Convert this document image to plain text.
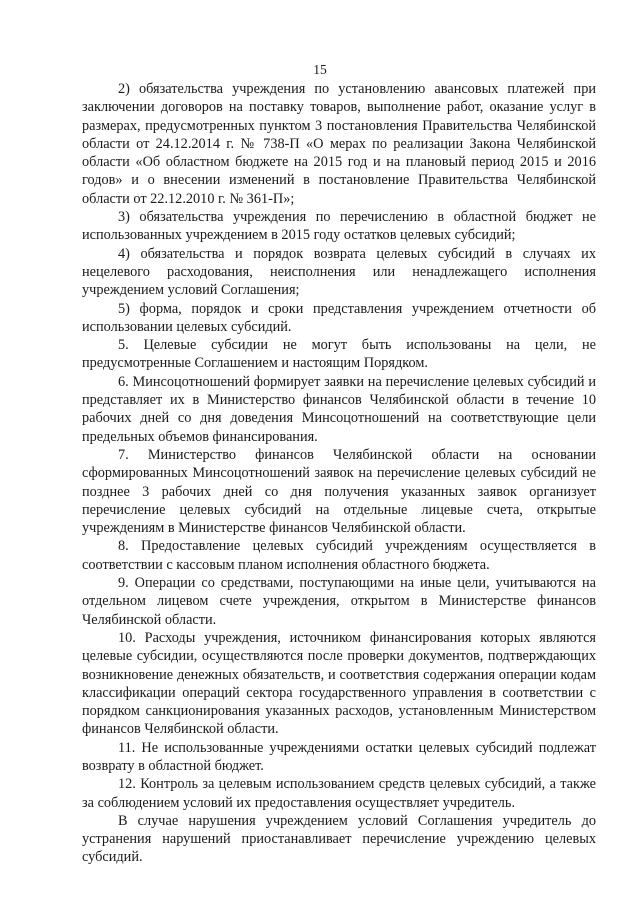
15

2) обязательства учреждения по установлению авансовых платежей при заключении договоров на поставку товаров, выполнение работ, оказание услуг в размерах, предусмотренных пунктом 3 постановления Правительства Челябинской области от 24.12.2014 г. № 738-П «О мерах по реализации Закона Челябинской области «Об областном бюджете на 2015 год и на плановый период 2015 и 2016 годов» и о внесении изменений в постановление Правительства Челябинской области от 22.12.2010 г. № 361-П»;

3) обязательства учреждения по перечислению в областной бюджет не использованных учреждением в 2015 году остатков целевых субсидий;

4) обязательства и порядок возврата целевых субсидий в случаях их нецелевого расходования, неисполнения или ненадлежащего исполнения учреждением условий Соглашения;

5) форма, порядок и сроки представления учреждением отчетности об использовании целевых субсидий.

5. Целевые субсидии не могут быть использованы на цели, не предусмотренные Соглашением и настоящим Порядком.

6. Минсоцотношений формирует заявки на перечисление целевых субсидий и представляет их в Министерство финансов Челябинской области в течение 10 рабочих дней со дня доведения Минсоцотношений на соответствующие цели предельных объемов финансирования.

7. Министерство финансов Челябинской области на основании сформированных Минсоцотношений заявок на перечисление целевых субсидий не позднее 3 рабочих дней со дня получения указанных заявок организует перечисление целевых субсидий на отдельные лицевые счета, открытые учреждениям в Министерстве финансов Челябинской области.

8. Предоставление целевых субсидий учреждениям осуществляется в соответствии с кассовым планом исполнения областного бюджета.

9. Операции со средствами, поступающими на иные цели, учитываются на отдельном лицевом счете учреждения, открытом в Министерстве финансов Челябинской области.

10. Расходы учреждения, источником финансирования которых являются целевые субсидии, осуществляются после проверки документов, подтверждающих возникновение денежных обязательств, и соответствия содержания операции кодам классификации операций сектора государственного управления в соответствии с порядком санкционирования указанных расходов, установленным Министерством финансов Челябинской области.

11. Не использованные учреждениями остатки целевых субсидий подлежат возврату в областной бюджет.

12. Контроль за целевым использованием средств целевых субсидий, а также за соблюдением условий их предоставления осуществляет учредитель.

В случае нарушения учреждением условий Соглашения учредитель до устранения нарушений приостанавливает перечисление учреждению целевых субсидий.
